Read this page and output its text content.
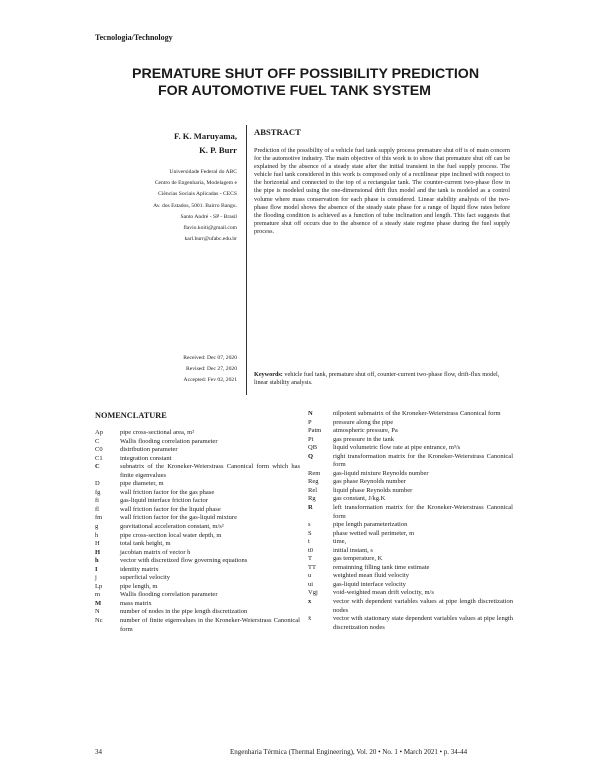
Tecnologia/Technology
PREMATURE SHUT OFF POSSIBILITY PREDICTION
FOR AUTOMOTIVE FUEL TANK SYSTEM
F. K. Maruyama,
K. P. Burr
Universidade Federal do ABC
Centro de Engenharia, Modelagem e
Ciências Sociais Aplicadas - CECS
Av. dos Estados, 5001. Bairro Bangu.
Santo André - SP - Brasil
flavio.koiti@gmail.com
karl.burr@ufabc.edu.br
Received: Dec 07, 2020
Revised: Dec 27, 2020
Accepted: Fev 02, 2021
ABSTRACT
Prediction of the possibility of a vehicle fuel tank supply process premature shut off is of main concern for the automotive industry. The main objective of this work is to show that premature shut off can be explained by the absence of a steady state after the initial transient in the fuel supply process. The vehicle fuel tank considered in this work is composed only of a rectilinear pipe inclined with respect to the horizontal and connected to the top of a rectangular tank. The counter-current two-phase flow in the pipe is modeled using the one-dimensional drift flux model and the tank is modeled as a control volume where mass conservation for each phase is considered. Linear stability analysis of the two-phase flow model shows the absence of the steady state phase for a range of liquid flow rates before the flooding condition is achieved as a function of tube inclination and length. This fact suggests that premature shut off occurs due to the absence of a steady state regime phase during the fuel supply process.
Keywords: vehicle fuel tank, premature shut off, counter-current two-phase flow, drift-flux model, linear stability analysis.
NOMENCLATURE
Ap	pipe cross-sectional area, m²
C	Wallis flooding correlation parameter
C0	distribution parameter
C1	integration constant
C	subnatrix of the Kroneker-Weierstrass Canonical form which has finite eigenvalues
D	pipe diameter, m
fg	wall friction factor for the gas phase
fi	gas-liquid interface friction factor
fl	wall friction factor for the liquid phase
fm	wall friction factor for the gas-liquid mixture
g	gravitational acceleration constant, m/s²
h	pipe cross-section local water depth, m
H	total tank height, m
H	jacobian matrix of vector h
h	vector with discretized flow governing equations
I	identity matrix
j	superficial velocity
Lp	pipe length, m
m	Wallis flooding correlation parameter
M	mass matrix
N	number of nodes in the pipe length discretization
Nc	number of finite eigenvalues in the Kroneker-Weierstrass Canonical form
N	nilpotent submatrix of the Kroneker-Weierstrass Canonical form
P	pressure along the pipe
Patm	atmospheric pressure, Pa
Pt	gas pressure in the tank
QB	liquid volumetric flow rate at pipe entrance, m³/s
Q	right transformation matrix for the Kroneker-Weierstrass Canonical form
Rem	gas-liquid mixture Reynolds number
Reg	gas phase Reynolds number
Rel	liquid phase Reynolds number
Rg	gas constant, J/kg.K
R	left transformation matrix for the Kroneker-Weierstrass Canonical form
s	pipe length parameterization
S	phase wetted wall perimeter, m
t	time,
t0	initial instant, s
T	gas temperature, K
TT	remainning filling tank time estimate
u	weighted mean fluid velocity
ui	gas-liquid interface velocity
Vgj	void-weighted mean drift velocity, m/s
x	vector with dependent variables values at pipe length discretization nodes
x̄	vector with stationary state dependent variables values at pipe length discretization nodes
34	Engenharia Térmica (Thermal Engineering), Vol. 20 • No. 1 • March 2021 • p. 34-44
